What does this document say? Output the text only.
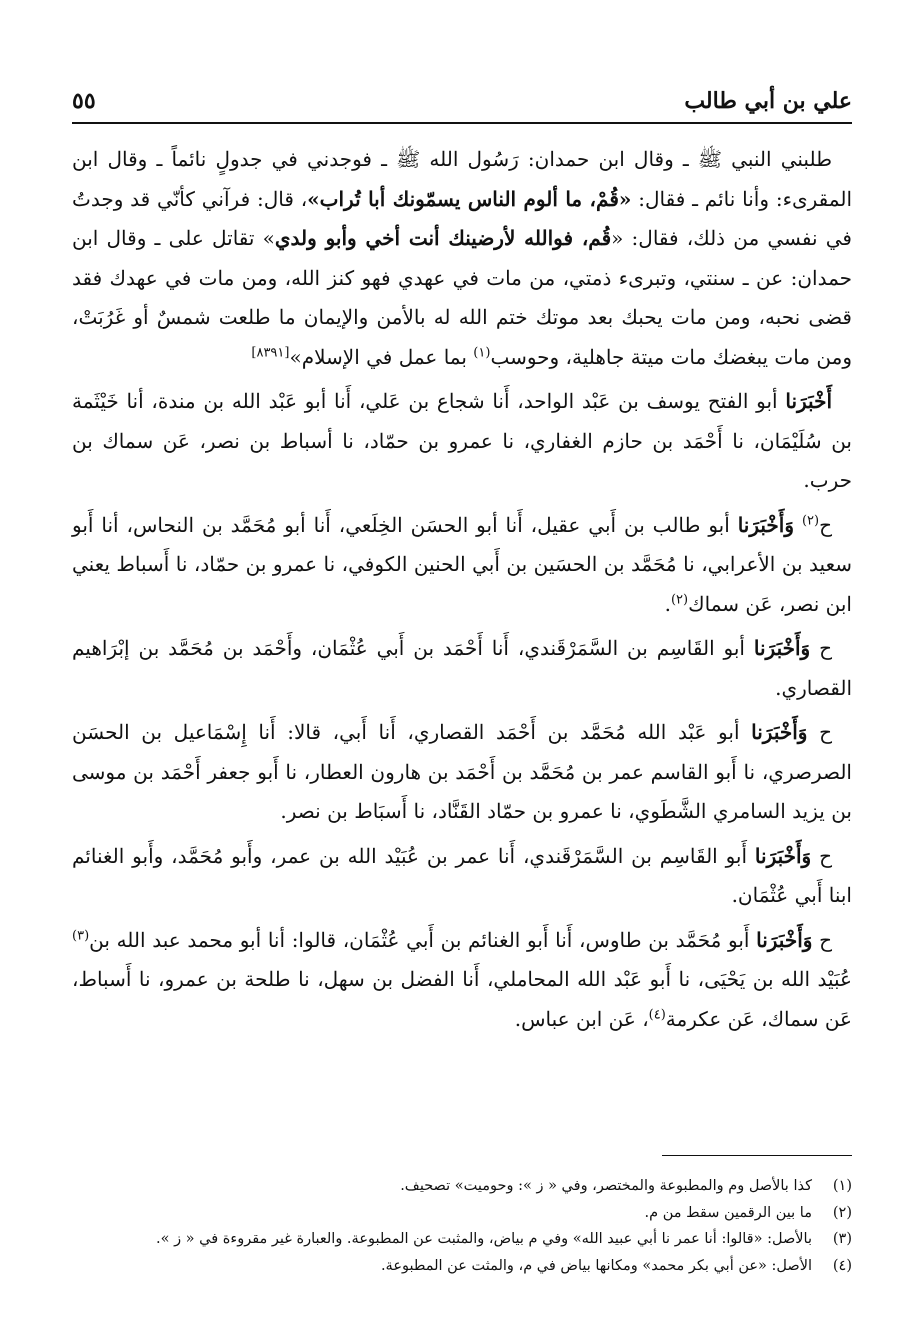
علي بن أبي طالب
٥٥

طلبني النبي ﷺ ـ وقال ابن حمدان: رَسُول الله ﷺ ـ فوجدني في جدولٍ نائماً ـ وقال ابن المقرىء: وأنا نائم ـ فقال: «قُمْ، ما ألوم الناس يسمّونك أبا تُراب»، قال: فرآني كأنّي قد وجدتُ في نفسي من ذلك، فقال: «قُم، فوالله لأرضينك أنت أخي وأبو ولدي» تقاتل على ـ وقال ابن حمدان: عن ـ سنتي، وتبرىء ذمتي، من مات في عهدي فهو كنز الله، ومن مات في عهدك فقد قضى نحبه، ومن مات يحبك بعد موتك ختم الله له بالأمن والإيمان ما طلعت شمسٌ أو غَرُبَتْ، ومن مات يبغضك مات ميتة جاهلية، وحوسب$^{(١)}$ بما عمل في الإسلام»[٨٣٩١]

أَخْبَرَنا أبو الفتح يوسف بن عَبْد الواحد، أَنا شجاع بن عَلي، أَنا أبو عَبْد الله بن مندة، أنا خَيْثَمة بن سُلَيْمَان، نا أَحْمَد بن حازم الغفاري، نا عمرو بن حمّاد، نا أسباط بن نصر، عَن سماك بن حرب.

ح$^{(٢)}$ وَأَخْبَرَنا أبو طالب بن أَبي عقيل، أَنا أبو الحسَن الخِلَعي، أَنا أبو مُحَمَّد بن النحاس، أنا أَبو سعيد بن الأعرابي، نا مُحَمَّد بن الحسَين بن أَبي الحنين الكوفي، نا عمرو بن حمّاد، نا أَسباط يعني ابن نصر، عَن سماك$^{(٢)}$.

ح وَأَخْبَرَنا أبو القَاسِم بن السَّمَرْقَندي، أَنا أَحْمَد بن أَبي عُثْمَان، وأَحْمَد بن مُحَمَّد بن إبْرَاهيم القصاري.

ح وَأَخْبَرَنا أبو عَبْد الله مُحَمَّد بن أَحْمَد القصاري، أَنا أَبي، قالا: أَنا إِسْمَاعيل بن الحسَن الصرصري، نا أَبو القاسم عمر بن مُحَمَّد بن أَحْمَد بن هارون العطار، نا أَبو جعفر أَحْمَد بن موسى بن يزيد السامري الشَّطَوي، نا عمرو بن حمّاد القَنَّاد، نا أَسبَاط بن نصر.

ح وَأَخْبَرَنا أَبو القَاسِم بن السَّمَرْقَندي، أَنا عمر بن عُبَيْد الله بن عمر، وأَبو مُحَمَّد، وأَبو الغنائم ابنا أَبي عُثْمَان.

ح وَأَخْبَرَنا أَبو مُحَمَّد بن طاوس، أَنا أَبو الغنائم بن أَبي عُثْمَان، قالوا: أنا أبو محمد عبد الله بن$^{(٣)}$ عُبَيْد الله بن يَحْيَى، نا أَبو عَبْد الله المحاملي، أَنا الفضل بن سهل، نا طلحة بن عمرو، نا أَسباط، عَن سماك، عَن عكرمة$^{(٤)}$، عَن ابن عباس.

(١)
كذا بالأصل وم والمطبوعة والمختصر، وفي « ز »: وحوميت» تصحيف.
(٢)
ما بين الرقمين سقط من م.
(٣)
بالأصل: «قالوا: أنا عمر نا أبي عبيد الله» وفي م بياض، والمثبت عن المطبوعة. والعبارة غير مقروءة في « ز ».
(٤)
الأصل: «عن أبي بكر محمد» ومكانها بياض في م، والمثت عن المطبوعة.
